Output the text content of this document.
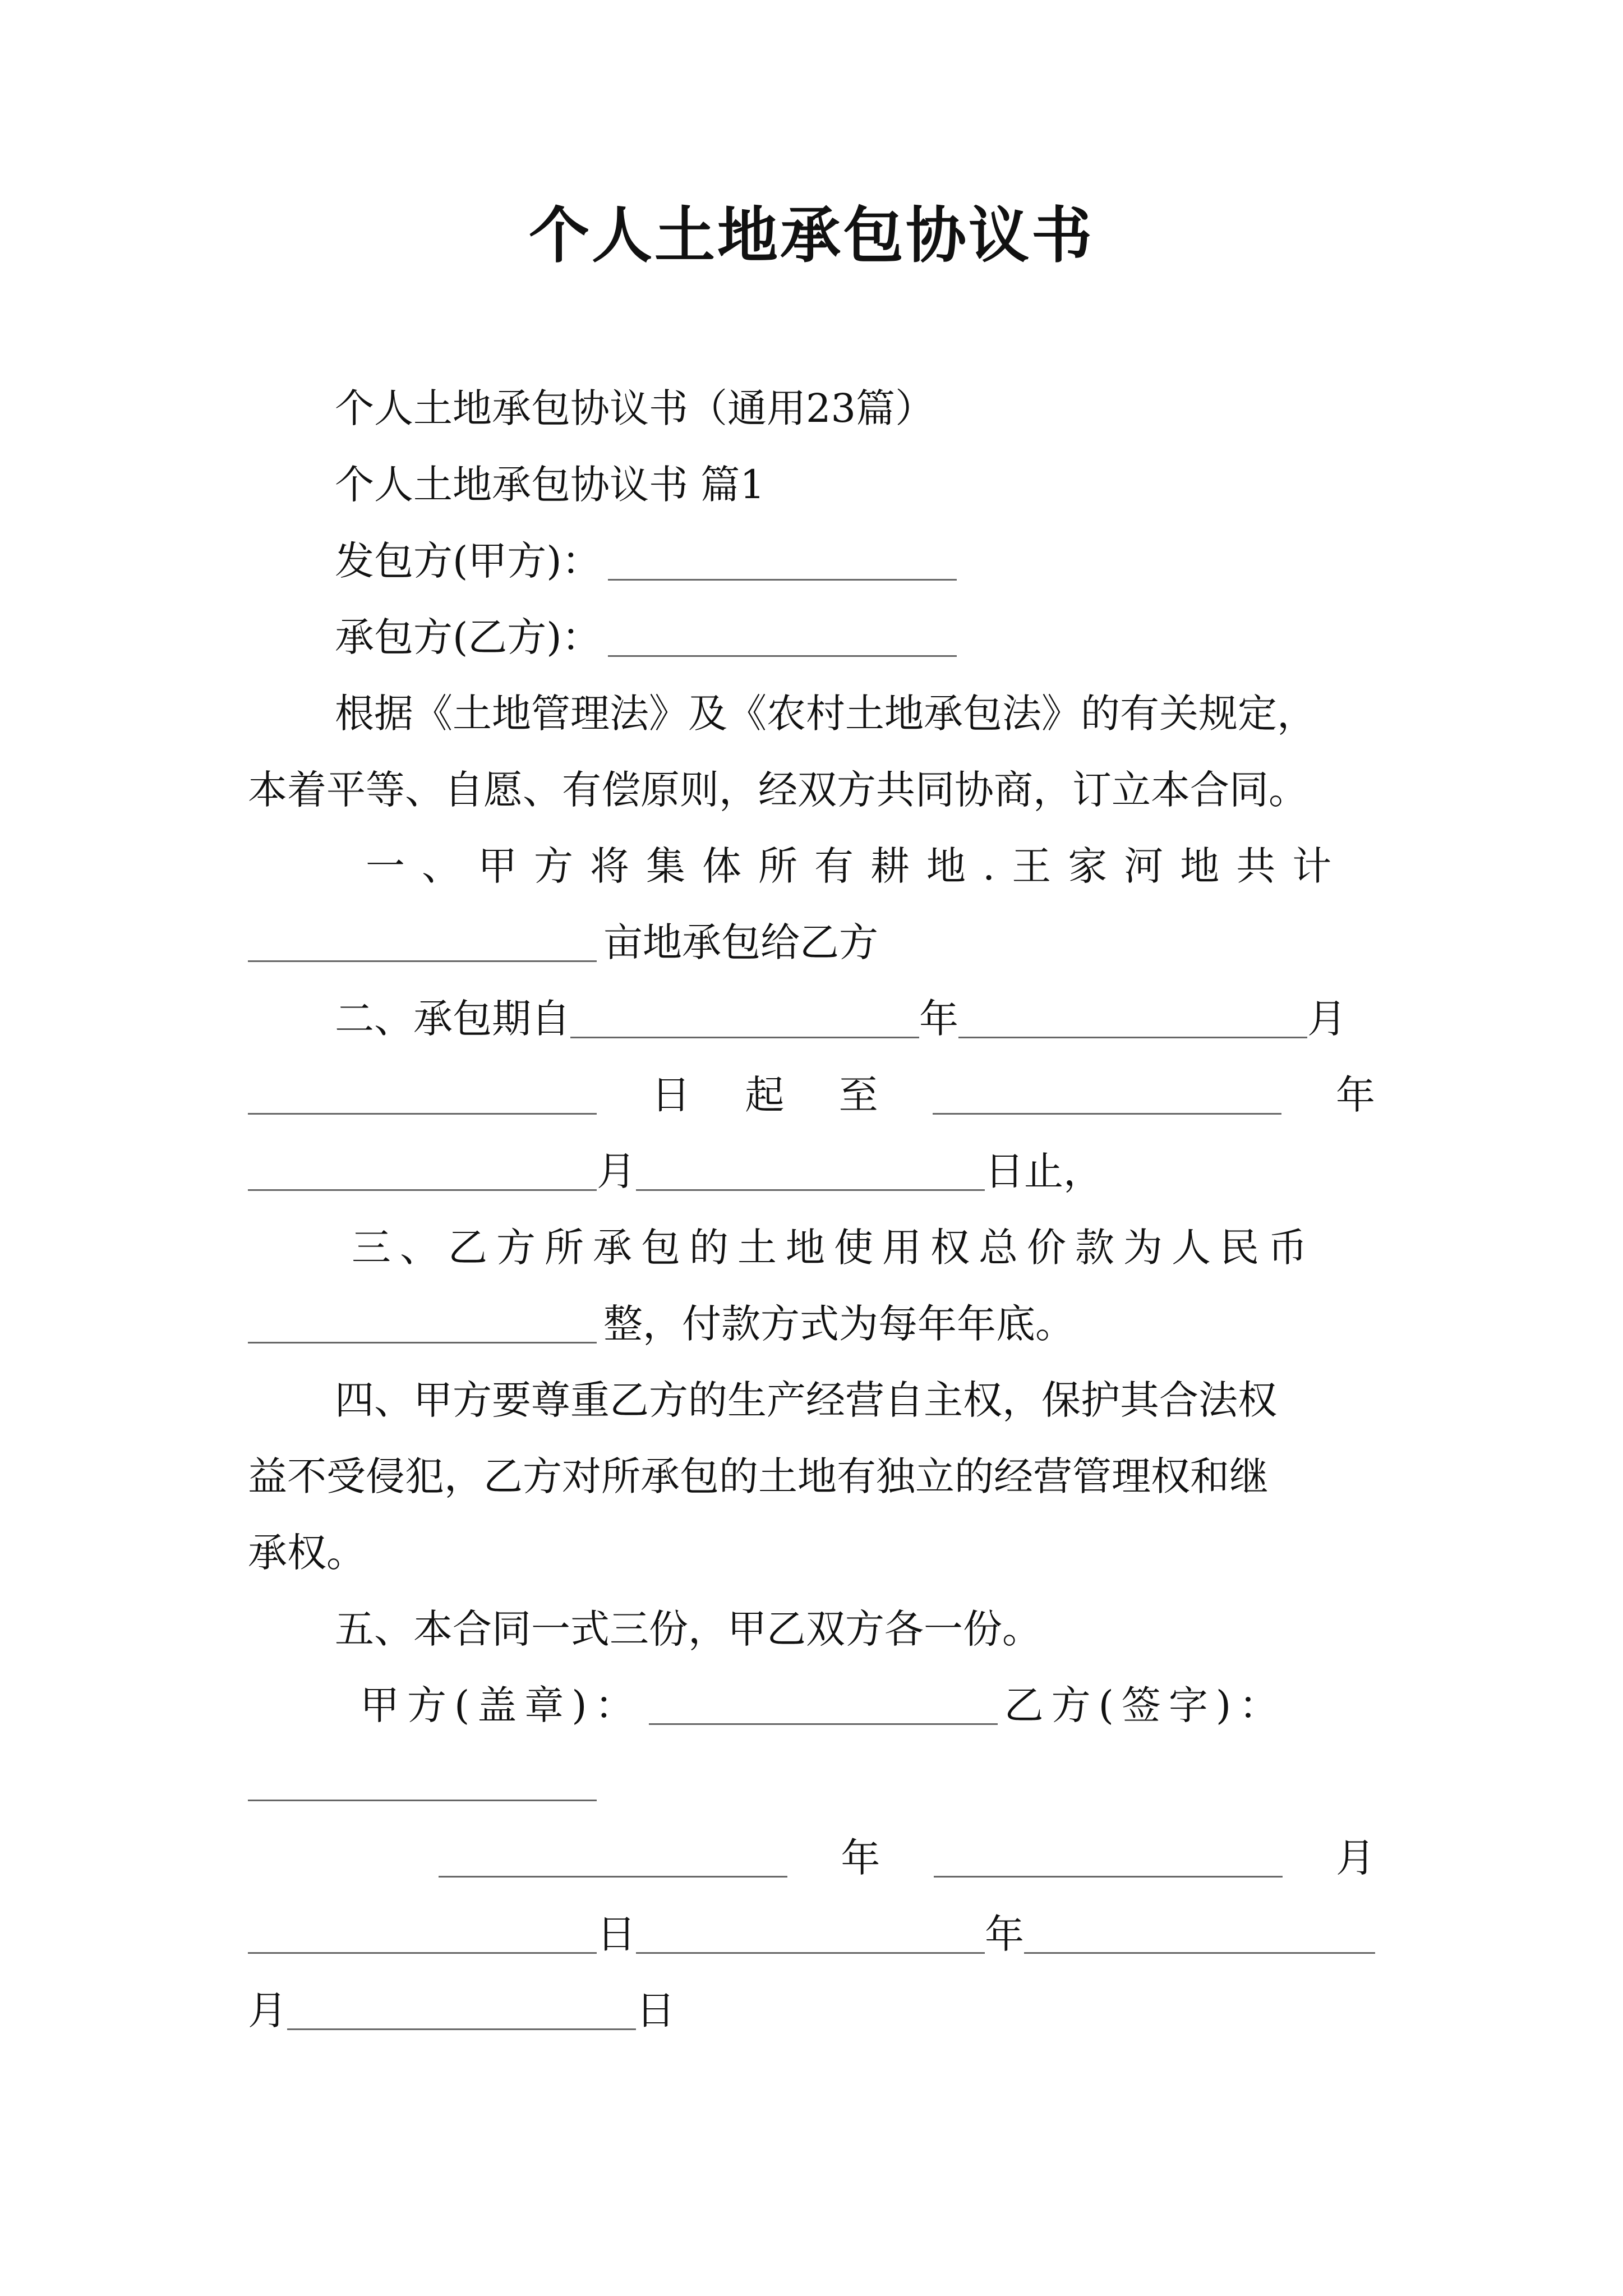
个人土地承包协议书
个人土地承包协议书（通用23篇）
个人土地承包协议书 篇1
发包方(甲方)：
承包方(乙方)：
根据《土地管理法》及《农村土地承包法》的有关规定，
本着平等、自愿、有偿原则，经双方共同协商，订立本合同。
一、甲方将集体所有耕地.王家河地共计
亩地承包给乙方
二、承包期自	年	月
日 起 至	年
月	日止，
三、乙方所承包的土地使用权总价款为人民币
整，付款方式为每年年底。
四、甲方要尊重乙方的生产经营自主权，保护其合法权
益不受侵犯，乙方对所承包的土地有独立的经营管理权和继
承权。
五、本合同一式三份，甲乙双方各一份。
甲方(盖章)：	乙方(签字)：
年	月
日	年
月	日
